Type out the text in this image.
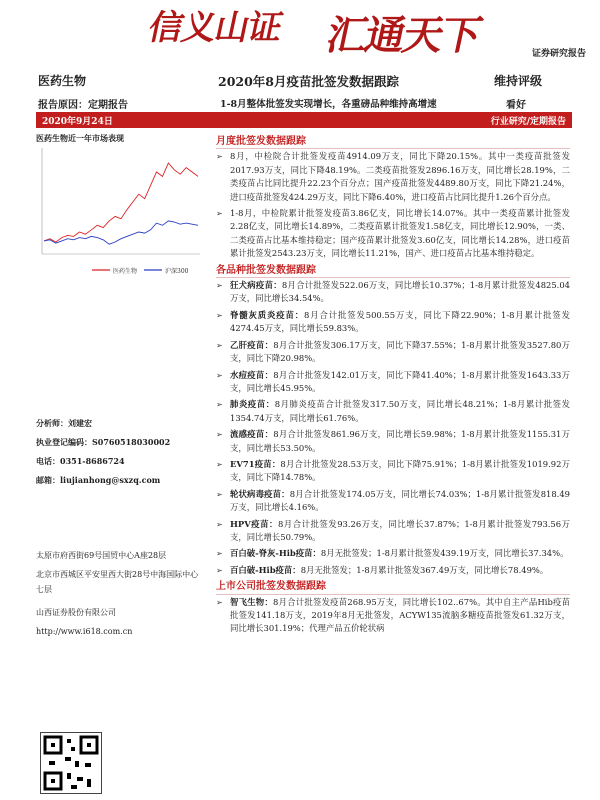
信义山证 汇通天下	证券研究报告
医药生物	2020年8月疫苗批签发数据跟踪	维持评级
报告原因：定期报告	1-8月整体批签发实现增长，各重磅品种维持高增速	看好
2020年9月24日	行业研究/定期报告
医药生物近一年市场表现
医药生物	沪深300
分析师：刘建宏
执业登记编码：S0760518030002
电话：0351-8686724
邮箱：liujianhong@sxzq.com
太原市府西街69号国贸中心A座28层
北京市西城区平安里西大街28号中海国际中心七层
山西证券股份有限公司
http://www.i618.com.cn
月度批签发数据跟踪
➢ 8月，中检院合计批签发疫苗4914.09万支，同比下降20.15%。其中一类疫苗批签发2017.93万支，同比下降48.19%。二类疫苗批签发2896.16万支，同比增长28.19%，二类疫苗占比同比提升22.23个百分点；国产疫苗批签发4489.80万支，同比下降21.24%，进口疫苗批签发424.29万支，同比下降6.40%，进口疫苗占比同比提升1.26个百分点。
➢ 1-8月，中检院累计批签发疫苗3.86亿支，同比增长14.07%。其中一类疫苗累计批签发2.28亿支，同比增长14.89%，二类疫苗累计批签发1.58亿支，同比增长12.90%，一类、二类疫苗占比基本维持稳定；国产疫苗累计批签发3.60亿支，同比增长14.28%，进口疫苗累计批签发2543.23万支，同比增长11.21%，国产、进口疫苗占比基本维持稳定。
各品种批签发数据跟踪
➢ 狂犬病疫苗：8月合计批签发522.06万支，同比增长10.37%；1-8月累计批签发4825.04万支，同比增长34.54%。
➢ 脊髓灰质炎疫苗：8月合计批签发500.55万支，同比下降22.90%；1-8月累计批签发4274.45万支，同比增长59.83%。
➢ 乙肝疫苗：8月合计批签发306.17万支，同比下降37.55%；1-8月累计批签发3527.80万支，同比下降20.98%。
➢ 水痘疫苗：8月合计批签发142.01万支，同比下降41.40%；1-8月累计批签发1643.33万支，同比增长45.95%。
➢ 肺炎疫苗：8月肺炎疫苗合计批签发317.50万支，同比增长48.21%；1-8月累计批签发1354.74万支，同比增长61.76%。
➢ 流感疫苗：8月合计批签发861.96万支，同比增长59.98%；1-8月累计批签发1155.31万支，同比增长53.50%。
➢ EV71疫苗：8月合计批签发28.53万支，同比下降75.91%；1-8月累计批签发1019.92万支，同比下降14.78%。
➢ 轮状病毒疫苗：8月合计批签发174.05万支，同比增长74.03%；1-8月累计批签发818.49万支，同比增长4.16%。
➢ HPV疫苗：8月合计批签发93.26万支，同比增长37.87%；1-8月累计批签发793.56万支，同比增长50.79%。
➢ 百白破-脊灰-Hib疫苗：8月无批签发；1-8月累计批签发439.19万支，同比增长37.34%。
➢ 百白破-Hib疫苗：8月无批签发；1-8月累计批签发367.49万支，同比增长78.49%。
上市公司批签发数据跟踪
➢ 智飞生物：8月合计批签发疫苗268.95万支，同比增长102..67%。其中自主产品Hib疫苗批签发141.18万支，2019年8月无批签发，ACYW135流脑多糖疫苗批签发61.32万支，同比增长301.19%；代理产品五价轮状病
